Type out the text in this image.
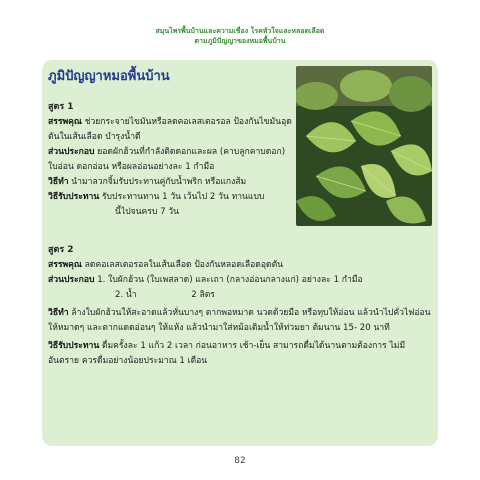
สมุนไพรพื้นบ้านและความเชื่อง โรคหัวใจและหลอดเลือด
ตามภูมิปัญญาของหมอพื้นบ้าน
ภูมิปัญญาหมอพื้นบ้าน
สูตร 1
สรรพคุณ ช่วยกระจายไขมันหรือลดคอเลสเตอรอล ป้องกันไขมันอุดตันในเส้นเลือด บำรุงน้ำดี
ส่วนประกอบ ยอดผักฮ้วนที่กำลังติดดอกและผล (คาบลูกคาบดอก) ใบอ่อน ดอกอ่อน หรือผลอ่อนอย่างละ 1 กำมือ
วิธีทำ นำมาลวกจิ้มรับประทานคู่กับน้ำพริก หรือแกงส้ม
วิธีรับประทาน รับประทานทาน 1 วัน เว้นไป 2 วัน ทานแบบ
นี้ไปจนครบ 7 วัน
สูตร 2
สรรพคุณ ลดคอเลสเตอรอลในเส้นเลือด ป้องกันหลอดเลือดอุดตัน
ส่วนประกอบ 1. ใบผักฮ้วน (ใบเพสลาด) และเถา (กลางอ่อนกลางแก่) อย่างละ 1 กำมือ
2. น้ำ                    2 ลิตร
วิธีทำ ล้างใบผักฮ้วนให้สะอาดแล้วหั่นบางๆ ตากพอหมาด นวดด้วยมือ หรือทุบให้อ่อน แล้วนำไปคั่วไฟอ่อน ให้หมาดๆ และตากแดดอ่อนๆ ให้แห้ง แล้วนำมาใส่หม้อเติมน้ำให้ท่วมยา ต้มนาน 15- 20 นาที
วิธีรับประทาน ดื่มครั้งละ 1 แก้ว 2 เวลา ก่อนอาหาร เช้า-เย็น สามารถดื่มได้นานตามต้องการ ไม่มีอันตราย ควรดื่มอย่างน้อยประมาณ 1 เดือน
82
